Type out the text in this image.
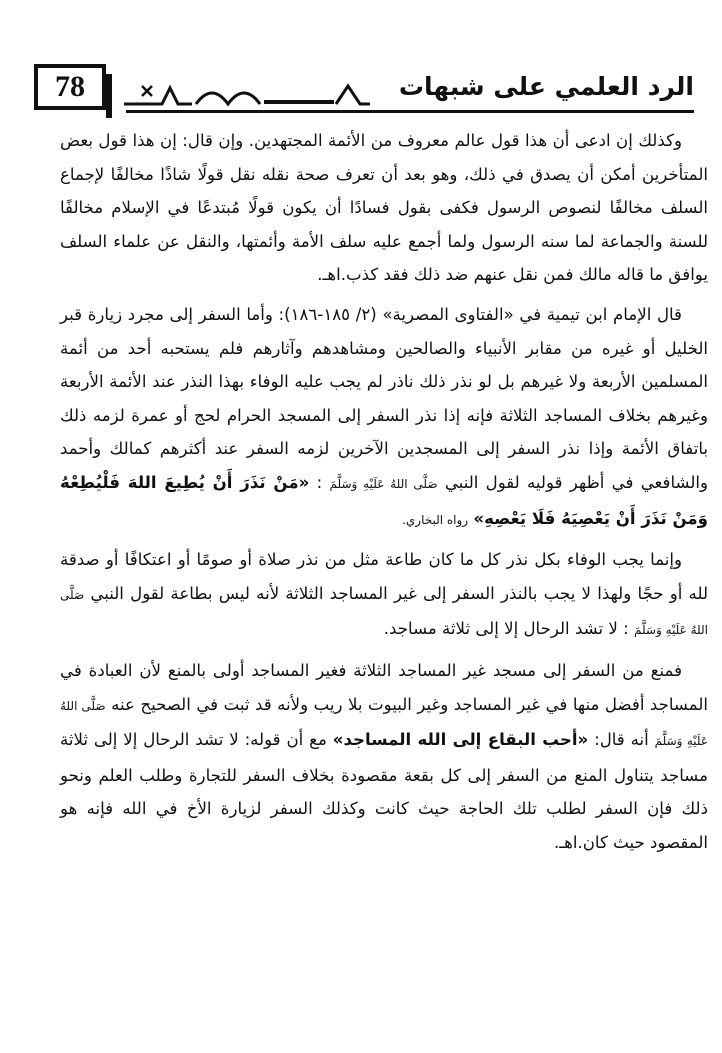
78	الرد العلمي على شبهات

وكذلك إن ادعى أن هذا قول عالم معروف من الأئمة المجتهدين. وإن قال: إن هذا قول بعض المتأخرين أمكن أن يصدق في ذلك، وهو بعد أن تعرف صحة نقله نقل قولًا شاذًا مخالفًا لإجماع السلف مخالفًا لنصوص الرسول فكفى بقول فسادًا أن يكون قولًا مُبتدعًا في الإسلام مخالفًا للسنة والجماعة لما سنه الرسول ولما أجمع عليه سلف الأمة وأئمتها، والنقل عن علماء السلف يوافق ما قاله مالك فمن نقل عنهم ضد ذلك فقد كذب.اهـ.

قال الإمام ابن تيمية في «الفتاوى المصرية» (٢/ ١٨٥-١٨٦): وأما السفر إلى مجرد زيارة قبر الخليل أو غيره من مقابر الأنبياء والصالحين ومشاهدهم وآثارهم فلم يستحبه أحد من أئمة المسلمين الأربعة ولا غيرهم بل لو نذر ذلك ناذر لم يجب عليه الوفاء بهذا النذر عند الأئمة الأربعة وغيرهم بخلاف المساجد الثلاثة فإنه إذا نذر السفر إلى المسجد الحرام لحج أو عمرة لزمه ذلك باتفاق الأئمة وإذا نذر السفر إلى المسجدين الآخرين لزمه السفر عند أكثرهم كمالك وأحمد والشافعي في أظهر قوليه لقول النبي صَلَّى اللهُ عَلَيْهِ وَسَلَّمَ : «مَنْ نَذَرَ أَنْ يُطِيعَ اللهَ فَلْيُطِعْهُ وَمَنْ نَذَرَ أَنْ يَعْصِيَهُ فَلَا يَعْصِهِ» رواه البخاري.

وإنما يجب الوفاء بكل نذر كل ما كان طاعة مثل من نذر صلاة أو صومًا أو اعتكافًا أو صدقة لله أو حجًا ولهذا لا يجب بالنذر السفر إلى غير المساجد الثلاثة لأنه ليس بطاعة لقول النبي صَلَّى اللهُ عَلَيْهِ وَسَلَّمَ : لا تشد الرحال إلا إلى ثلاثة مساجد.

فمنع من السفر إلى مسجد غير المساجد الثلاثة فغير المساجد أولى بالمنع لأن العبادة في المساجد أفضل منها في غير المساجد وغير البيوت بلا ريب ولأنه قد ثبت في الصحيح عنه صَلَّى اللهُ عَلَيْهِ وَسَلَّمَ أنه قال: «أحب البقاع إلى الله المساجد» مع أن قوله: لا تشد الرحال إلا إلى ثلاثة مساجد يتناول المنع من السفر إلى كل بقعة مقصودة بخلاف السفر للتجارة وطلب العلم ونحو ذلك فإن السفر لطلب تلك الحاجة حيث كانت وكذلك السفر لزيارة الأخ في الله فإنه هو المقصود حيث كان.اهـ.
